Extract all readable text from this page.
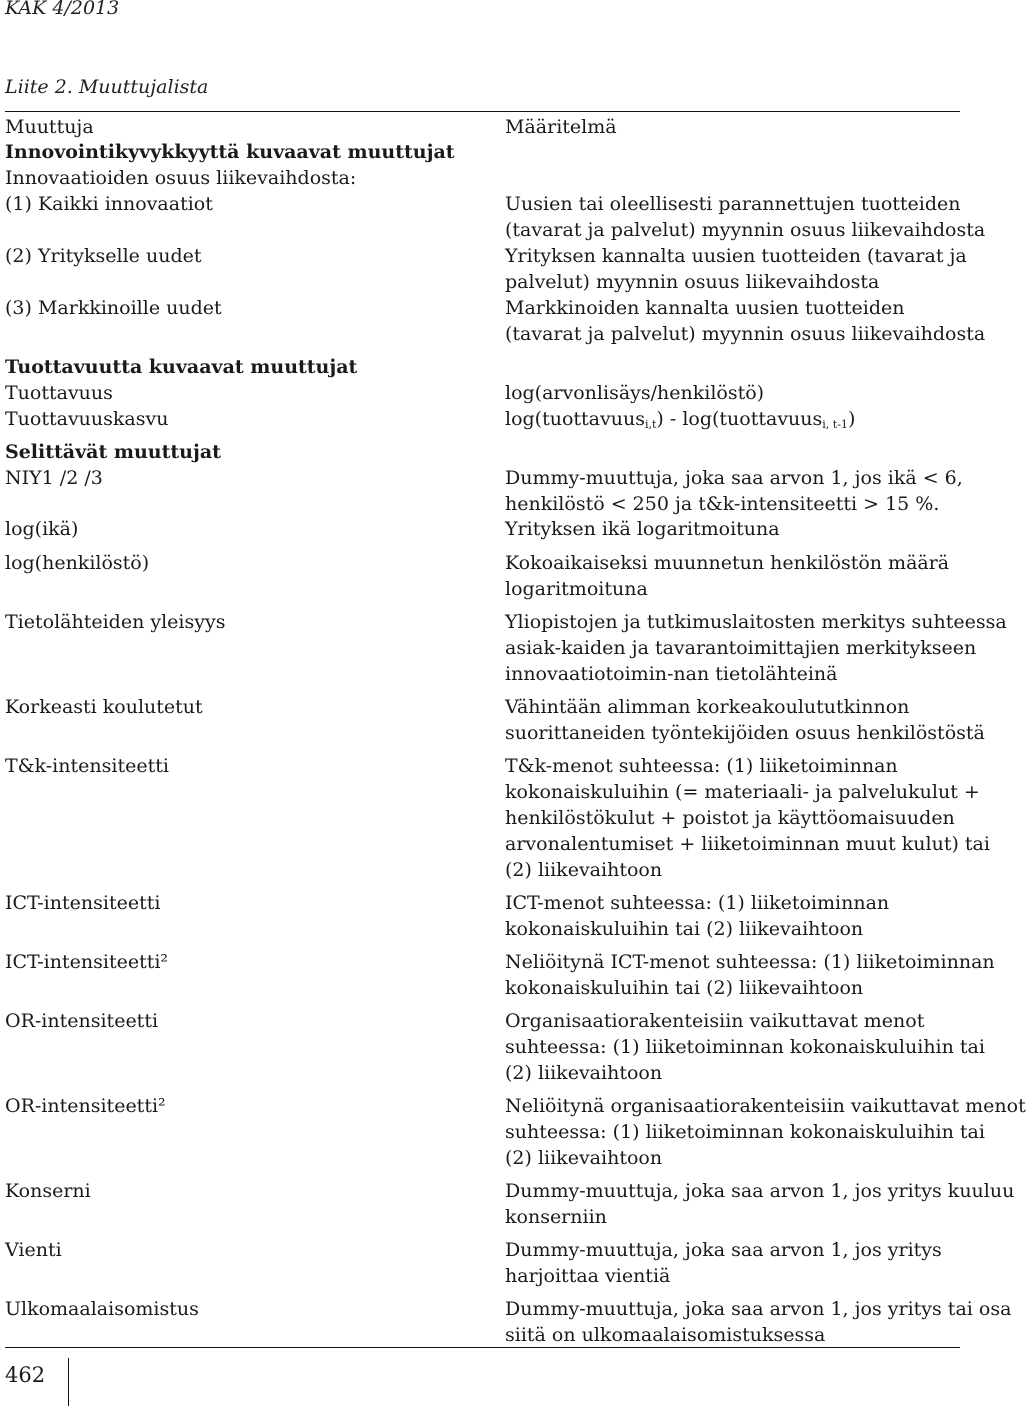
KAK 4/2013
Liite 2. Muuttujalista
Muuttuja	Määritelmä
Innovointikyvykkyyttä kuvaavat muuttujat
Innovaatioiden osuus liikevaihdosta:
(1) Kaikki innovaatiot	Uusien tai oleellisesti parannettujen tuotteiden
(tavarat ja palvelut) myynnin osuus liikevaihdosta
(2) Yritykselle uudet	Yrityksen kannalta uusien tuotteiden (tavarat ja
palvelut) myynnin osuus liikevaihdosta
(3) Markkinoille uudet	Markkinoiden kannalta uusien tuotteiden
(tavarat ja palvelut) myynnin osuus liikevaihdosta
Tuottavuutta kuvaavat muuttujat
Tuottavuus	log(arvonlisäys/henkilöstö)
Tuottavuuskasvu	log(tuottavuus$_{i,t}$) - log(tuottavuus$_{i, t-1}$)
Selittävät muuttujat
NIY1 /2 /3	Dummy-muuttuja, joka saa arvon 1, jos ikä < 6,
henkilöstö < 250 ja t&k-intensiteetti > 15 %.
log(ikä)	Yrityksen ikä logaritmoituna
log(henkilöstö)	Kokoaikaiseksi muunnetun henkilöstön määrä
logaritmoituna
Tietolähteiden yleisyys	Yliopistojen ja tutkimuslaitosten merkitys suhteessa
asiak-kaiden ja tavarantoimittajien merkitykseen
innovaatiotoimin-nan tietolähteinä
Korkeasti koulutetut	Vähintään alimman korkeakoulututkinnon
suorittaneiden työntekijöiden osuus henkilöstöstä
T&k-intensiteetti	T&k-menot suhteessa: (1) liiketoiminnan
kokonaiskuluihin (= materiaali- ja palvelukulut +
henkilöstökulut + poistot ja käyttöomaisuuden
arvonalentumiset + liiketoiminnan muut kulut) tai
(2) liikevaihtoon
ICT-intensiteetti	ICT-menot suhteessa: (1) liiketoiminnan
kokonaiskuluihin tai (2) liikevaihtoon
ICT-intensiteetti²	Neliöitynä ICT-menot suhteessa: (1) liiketoiminnan
kokonaiskuluihin tai (2) liikevaihtoon
OR-intensiteetti	Organisaatiorakenteisiin vaikuttavat menot
suhteessa: (1) liiketoiminnan kokonaiskuluihin tai
(2) liikevaihtoon
OR-intensiteetti²	Neliöitynä organisaatiorakenteisiin vaikuttavat menot
suhteessa: (1) liiketoiminnan kokonaiskuluihin tai
(2) liikevaihtoon
Konserni	Dummy-muuttuja, joka saa arvon 1, jos yritys kuuluu
konserniin
Vienti	Dummy-muuttuja, joka saa arvon 1, jos yritys
harjoittaa vientiä
Ulkomaalaisomistus	Dummy-muuttuja, joka saa arvon 1, jos yritys tai osa
siitä on ulkomaalaisomistuksessa
462
